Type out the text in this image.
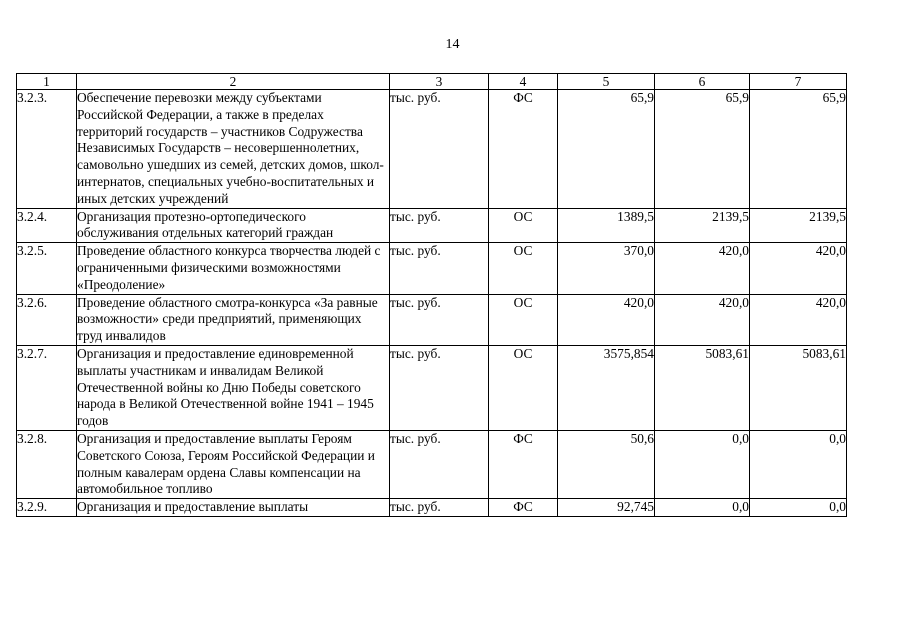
14
1	2	3	4	5	6	7
3.2.3.	Обеспечение перевозки между субъектами Российской Федерации, а также в пределах территорий государств – участников Содружества Независимых Государств – несовершеннолетних, самовольно ушедших из семей, детских домов, школ-интернатов, специальных учебно-воспитательных и иных детских учреждений	тыс. руб.	ФС	65,9	65,9	65,9
3.2.4.	Организация протезно-ортопедического обслуживания отдельных категорий граждан	тыс. руб.	ОС	1389,5	2139,5	2139,5
3.2.5.	Проведение областного конкурса творчества людей с ограниченными физическими возможностями «Преодоление»	тыс. руб.	ОС	370,0	420,0	420,0
3.2.6.	Проведение областного смотра-конкурса «За равные возможности» среди предприятий, применяющих труд инвалидов	тыс. руб.	ОС	420,0	420,0	420,0
3.2.7.	Организация и предоставление единовременной выплаты участникам и инвалидам Великой Отечественной войны ко Дню Победы советского народа в Великой Отечественной войне 1941 – 1945 годов	тыс. руб.	ОС	3575,854	5083,61	5083,61
3.2.8.	Организация и предоставление выплаты Героям Советского Союза, Героям Российской Федерации и полным кавалерам ордена Славы компенсации на автомобильное топливо	тыс. руб.	ФС	50,6	0,0	0,0
3.2.9.	Организация и предоставление выплаты	тыс. руб.	ФС	92,745	0,0	0,0
